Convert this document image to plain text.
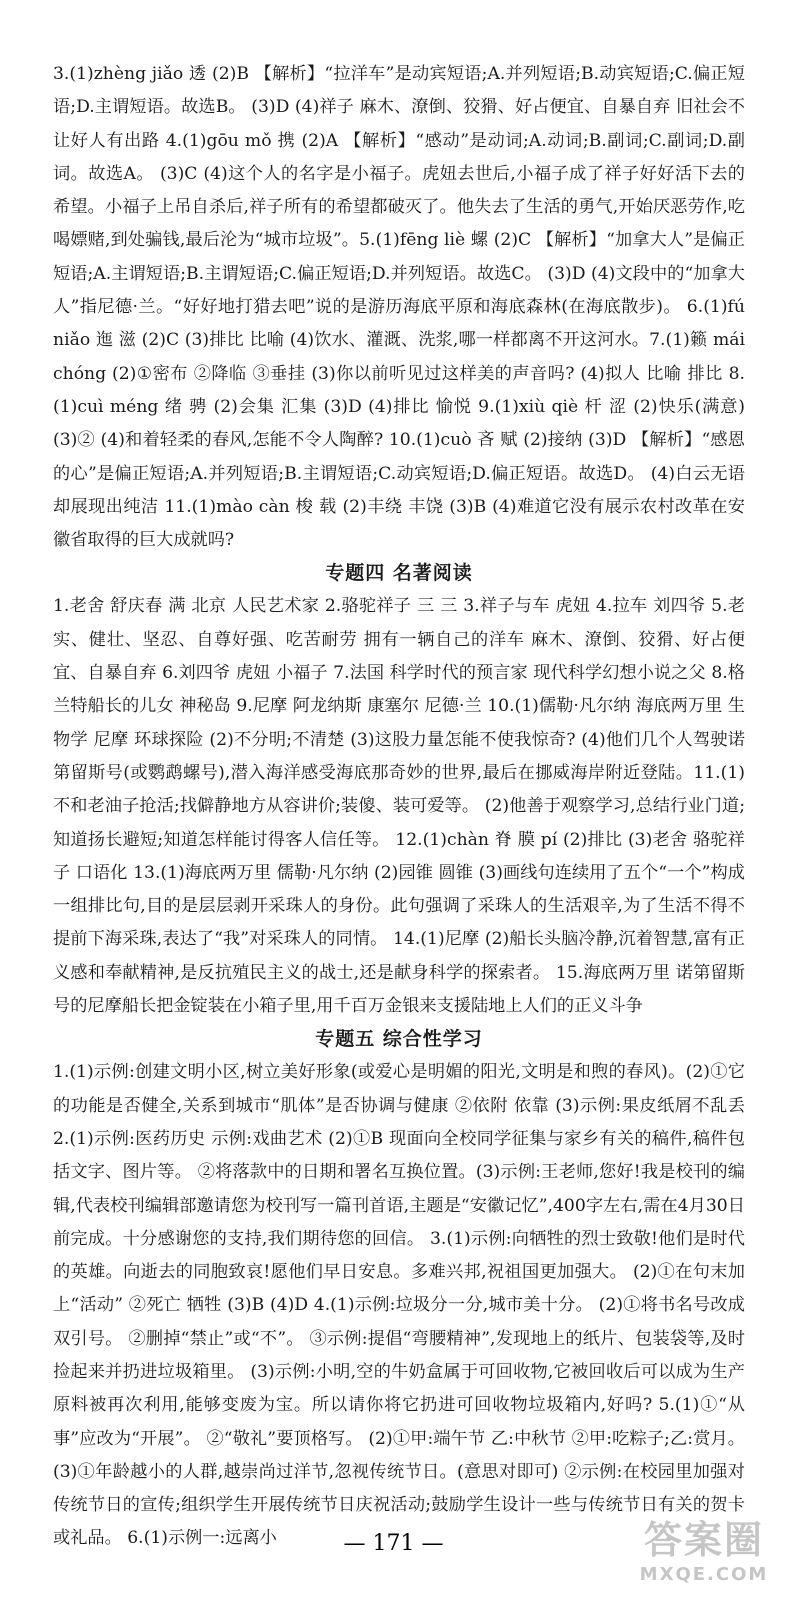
3.(1)zhèng jiǎo 透 (2)B 【解析】“拉洋车”是动宾短语;A.并列短语;B.动宾短语;C.偏正短语;D.主谓短语。故选B。 (3)D (4)祥子 麻木、潦倒、狡猾、好占便宜、自暴自弃 旧社会不让好人有出路 4.(1)gōu mǒ 携 (2)A 【解析】“感动”是动词;A.动词;B.副词;C.副词;D.副词。故选A。 (3)C (4)这个人的名字是小福子。虎妞去世后,小福子成了祥子好好活下去的希望。小福子上吊自杀后,祥子所有的希望都破灭了。他失去了生活的勇气,开始厌恶劳作,吃喝嫖赌,到处骗钱,最后沦为“城市垃圾”。5.(1)fēng liè 螺 (2)C 【解析】“加拿大人”是偏正短语;A.主谓短语;B.主谓短语;C.偏正短语;D.并列短语。故选C。 (3)D (4)文段中的“加拿大人”指尼德·兰。“好好地打猎去吧”说的是游历海底平原和海底森林(在海底散步)。 6.(1)fú niǎo 迤 滋 (2)C (3)排比 比喻 (4)饮水、灌溉、洗浆,哪一样都离不开这河水。7.(1)籁 mái chóng (2)①密布 ②降临 ③垂挂 (3)你以前听见过这样美的声音吗? (4)拟人 比喻 排比 8.(1)cuì méng 绪 骋 (2)会集 汇集 (3)D (4)排比 愉悦 9.(1)xiù qiè 杆 涩 (2)快乐(满意) (3)② (4)和着轻柔的春风,怎能不令人陶醉? 10.(1)cuò 吝 赋 (2)接纳 (3)D 【解析】“感恩的心”是偏正短语;A.并列短语;B.主谓短语;C.动宾短语;D.偏正短语。故选D。 (4)白云无语却展现出纯洁 11.(1)mào càn 梭 载 (2)丰绕 丰饶 (3)B (4)难道它没有展示农村改革在安徽省取得的巨大成就吗?

专题四 名著阅读

1.老舍 舒庆春 满 北京 人民艺术家 2.骆驼祥子 三 三 3.祥子与车 虎妞 4.拉车 刘四爷 5.老实、健壮、坚忍、自尊好强、吃苦耐劳 拥有一辆自己的洋车 麻木、潦倒、狡猾、好占便宜、自暴自弃 6.刘四爷 虎妞 小福子 7.法国 科学时代的预言家 现代科学幻想小说之父 8.格兰特船长的儿女 神秘岛 9.尼摩 阿龙纳斯 康塞尔 尼德·兰 10.(1)儒勒·凡尔纳 海底两万里 生物学 尼摩 环球探险 (2)不分明;不清楚 (3)这股力量怎能不使我惊奇? (4)他们几个人驾驶诺第留斯号(或鹦鹉螺号),潜入海洋感受海底那奇妙的世界,最后在挪威海岸附近登陆。11.(1)不和老油子抢活;找僻静地方从容讲价;装傻、装可爱等。 (2)他善于观察学习,总结行业门道;知道扬长避短;知道怎样能讨得客人信任等。 12.(1)chàn 脊 膜 pí (2)排比 (3)老舍 骆驼祥子 口语化 13.(1)海底两万里 儒勒·凡尔纳 (2)园锥 圆锥 (3)画线句连续用了五个“一个”构成一组排比句,目的是层层剥开采珠人的身份。此句强调了采珠人的生活艰辛,为了生活不得不提前下海采珠,表达了“我”对采珠人的同情。 14.(1)尼摩 (2)船长头脑冷静,沉着智慧,富有正义感和奉献精神,是反抗殖民主义的战士,还是献身科学的探索者。 15.海底两万里 诺第留斯号的尼摩船长把金锭装在小箱子里,用千百万金银来支援陆地上人们的正义斗争

专题五 综合性学习

1.(1)示例:创建文明小区,树立美好形象(或爱心是明媚的阳光,文明是和煦的春风)。(2)①它的功能是否健全,关系到城市“肌体”是否协调与健康 ②依附 依靠 (3)示例:果皮纸屑不乱丢 2.(1)示例:医药历史 示例:戏曲艺术 (2)①B 现面向全校同学征集与家乡有关的稿件,稿件包括文字、图片等。 ②将落款中的日期和署名互换位置。(3)示例:王老师,您好!我是校刊的编辑,代表校刊编辑部邀请您为校刊写一篇刊首语,主题是“安徽记忆”,400字左右,需在4月30日前完成。十分感谢您的支持,我们期待您的回信。 3.(1)示例:向牺牲的烈士致敬!他们是时代的英雄。向逝去的同胞致哀!愿他们早日安息。多难兴邦,祝祖国更加强大。 (2)①在句末加上“活动” ②死亡 牺牲 (3)B (4)D 4.(1)示例:垃圾分一分,城市美十分。 (2)①将书名号改成双引号。 ②删掉“禁止”或“不”。 ③示例:提倡“弯腰精神”,发现地上的纸片、包装袋等,及时捡起来并扔进垃圾箱里。 (3)示例:小明,空的牛奶盒属于可回收物,它被回收后可以成为生产原料被再次利用,能够变废为宝。所以请你将它扔进可回收物垃圾箱内,好吗? 5.(1)①“从事”应改为“开展”。 ②“敬礼”要顶格写。 (2)①甲:端午节 乙:中秋节 ②甲:吃粽子;乙:赏月。 (3)①年龄越小的人群,越崇尚过洋节,忽视传统节日。(意思对即可) ②示例:在校园里加强对传统节日的宣传;组织学生开展传统节日庆祝活动;鼓励学生设计一些与传统节日有关的贺卡或礼品。 6.(1)示例一:远离小	— 171 —	答案圈
MXQE.COM
